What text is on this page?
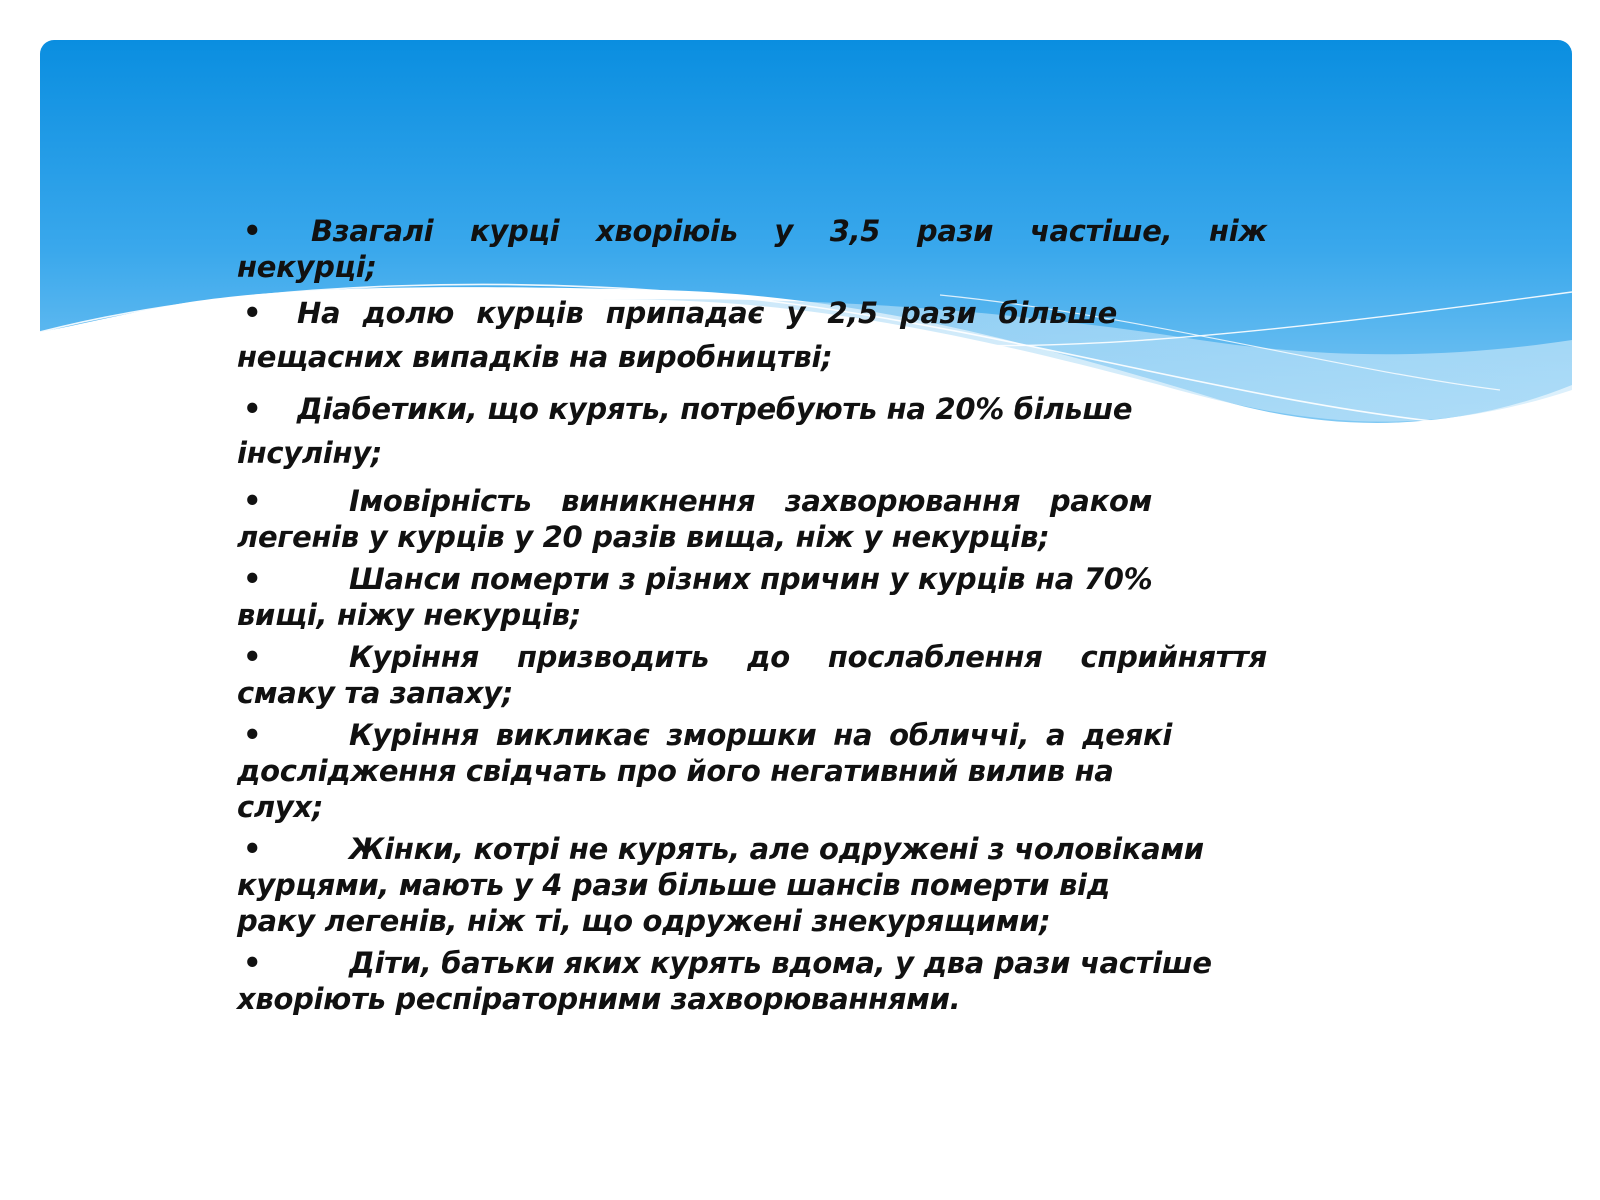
• Взагалі курці хворіюіь у 3,5 рази частіше, ніж
некурці;
• На долю курців припадає у 2,5 рази більше
нещасних випадків на виробництві;
• Діабетики, що курять, потребують на 20% більше
інсуліну;
•	Імовірність виникнення захворювання раком
легенів у курців у 20 разів вища, ніж у некурців;
•	Шанси померти з різних причин у курців на 70%
вищі, ніжу некурців;
•	Куріння призводить до послаблення сприйняття
смаку та запаху;
•	Куріння викликає зморшки на обличчі, а деякі
дослідження свідчать про його негативний вилив на
слух;
•	Жінки, котрі не курять, але одружені з чоловіками
курцями, мають у 4 рази більше шансів померти від
раку легенів, ніж ті, що одружені знекурящими;
•	Діти, батьки яких курять вдома, у два рази частіше
хворіють респіраторними захворюваннями.
